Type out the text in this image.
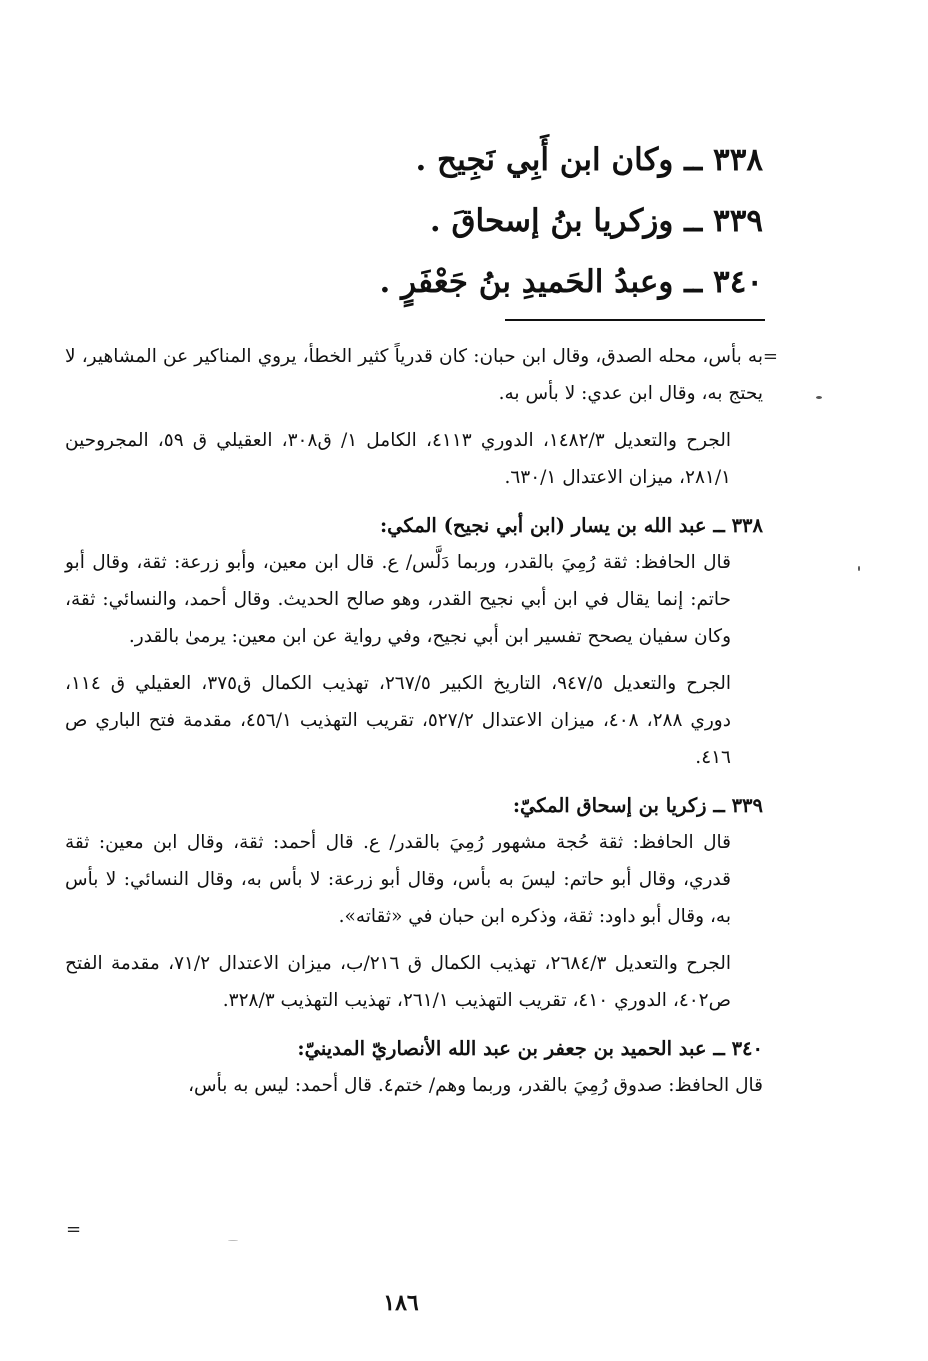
٣٣٨ ــ وكان ابن أَبِي نَجِيح .
٣٣٩ ــ وزكريا بنُ إسحاقَ .
٣٤٠ ــ وعبدُ الحَميدِ بنُ جَعْفَرٍ .
=

به بأس، محله الصدق، وقال ابن حبان: كان قدرياً كثير الخطأ، يروي المناكير عن المشاهير، لا يحتج به، وقال ابن عدي: لا بأس به.

الجرح والتعديل ١٤٨٢/٣، الدوري ٤١١٣، الكامل ١/ ق٣٠٨، العقيلي ق ٥٩، المجروحين ٢٨١/١، ميزان الاعتدال ٦٣٠/١.

٣٣٨ ــ عبد الله بن يسار (ابن أبي نجيح) المكي:

قال الحافظ: ثقة رُمِيَ بالقدر، وربما دَلَّس/ ع. قال ابن معين، وأبو زرعة: ثقة، وقال أبو حاتم: إنما يقال في ابن أبي نجيح القدر، وهو صالح الحديث. وقال أحمد، والنسائي: ثقة، وكان سفيان يصحح تفسير ابن أبي نجيح، وفي رواية عن ابن معين: يرمىٰ بالقدر.

الجرح والتعديل ٩٤٧/٥، التاريخ الكبير ٢٦٧/٥، تهذيب الكمال ق٣٧٥، العقيلي ق ١١٤، دوري ٢٨٨، ٤٠٨، ميزان الاعتدال ٥٢٧/٢، تقريب التهذيب ٤٥٦/١، مقدمة فتح الباري ص ٤١٦.

٣٣٩ ــ زكريا بن إسحاق المكيّ:

قال الحافظ: ثقة حُجة مشهور رُمِيَ بالقدر/ ع. قال أحمد: ثقة، وقال ابن معين: ثقة قدري، وقال أبو حاتم: ليسَ به بأس، وقال أبو زرعة: لا بأس به، وقال النسائي: لا بأس به، وقال أبو داود: ثقة، وذكره ابن حبان في «ثقاته».

الجرح والتعديل ٢٦٨٤/٣، تهذيب الكمال ق ٢١٦/ب، ميزان الاعتدال ٧١/٢، مقدمة الفتح ص٤٠٢، الدوري ٤١٠، تقريب التهذيب ٢٦١/١، تهذيب التهذيب ٣٢٨/٣.

٣٤٠ ــ عبد الحميد بن جعفر بن عبد الله الأنصاريّ المدينيّ:

قال الحافظ: صدوق رُمِيَ بالقدر، وربما وهم/ ختم٤. قال أحمد: ليس به بأس،

=
١٨٦
